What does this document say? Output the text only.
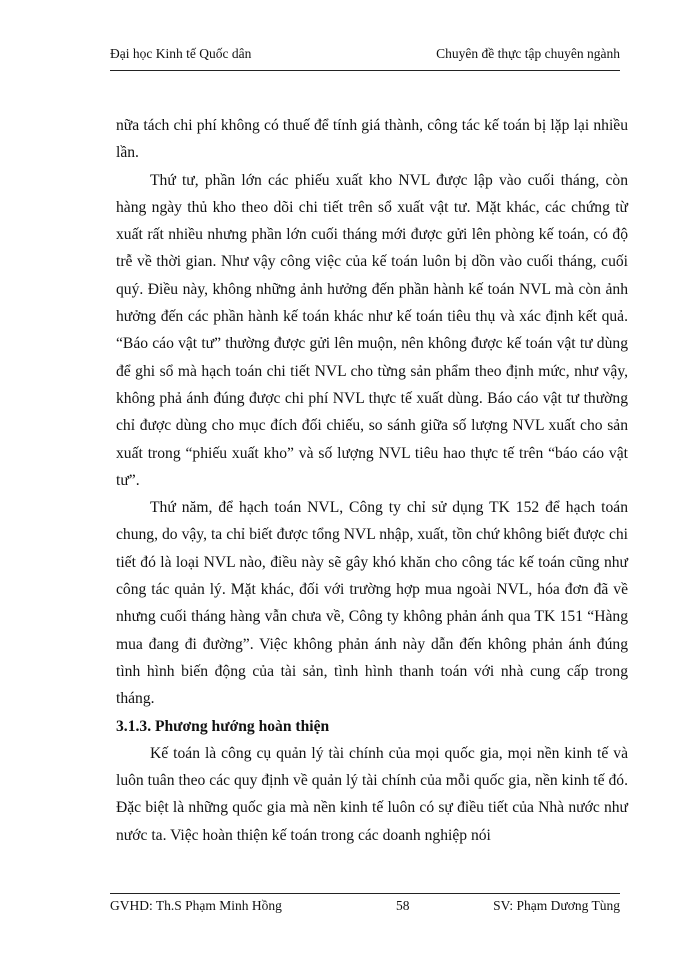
Đại học Kinh tế Quốc dân	Chuyên đề thực tập chuyên ngành

nữa tách chi phí không có thuế để tính giá thành, công tác kế toán bị lặp lại nhiều lần.

Thứ tư, phần lớn các phiếu xuất kho NVL được lập vào cuối tháng, còn hàng ngày thủ kho theo dõi chi tiết trên sổ xuất vật tư. Mặt khác, các chứng từ xuất rất nhiều nhưng phần lớn cuối tháng mới được gửi lên phòng kế toán, có độ trễ về thời gian. Như vậy công việc của kế toán luôn bị dồn vào cuối tháng, cuối quý. Điều này, không những ảnh hưởng đến phần hành kế toán NVL mà còn ảnh hưởng đến các phần hành kế toán khác như kế toán tiêu thụ và xác định kết quả. “Báo cáo vật tư” thường được gửi lên muộn, nên không được kế toán vật tư dùng để ghi sổ mà hạch toán chi tiết NVL cho từng sản phẩm theo định mức, như vậy, không phả ánh đúng được chi phí NVL thực tế xuất dùng. Báo cáo vật tư thường chỉ được dùng cho mục đích đối chiếu, so sánh giữa số lượng NVL xuất cho sản xuất trong “phiếu xuất kho” và số lượng NVL tiêu hao thực tế trên “báo cáo vật tư”.

Thứ năm, để hạch toán NVL, Công ty chỉ sử dụng TK 152 để hạch toán chung, do vậy, ta chỉ biết được tổng NVL nhập, xuất, tồn chứ không biết được chi tiết đó là loại NVL nào, điều này sẽ gây khó khăn cho công tác kế toán cũng như công tác quản lý. Mặt khác, đối với trường hợp mua ngoài NVL, hóa đơn đã về nhưng cuối tháng hàng vẫn chưa về, Công ty không phản ánh qua TK 151 “Hàng mua đang đi đường”. Việc không phản ánh này dẫn đến không phản ánh đúng tình hình biến động của tài sản, tình hình thanh toán với nhà cung cấp trong tháng.

3.1.3. Phương hướng hoàn thiện

Kế toán là công cụ quản lý tài chính của mọi quốc gia, mọi nền kinh tế và luôn tuân theo các quy định về quản lý tài chính của mỗi quốc gia, nền kinh tế đó. Đặc biệt là những quốc gia mà nền kinh tế luôn có sự điều tiết của Nhà nước như nước ta. Việc hoàn thiện kế toán trong các doanh nghiệp nói

GVHD: Th.S Phạm Minh Hồng	58	SV: Phạm Dương Tùng
